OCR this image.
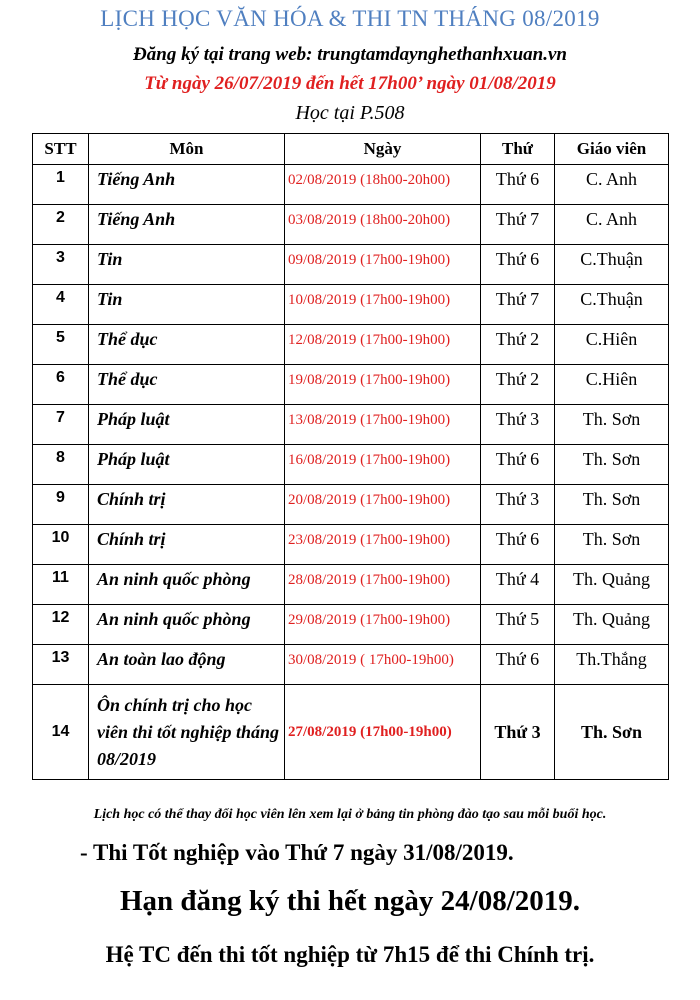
LỊCH HỌC VĂN HÓA & THI TN THÁNG 08/2019
Đăng ký tại trang web: trungtamdaynghethanhxuan.vn
Từ ngày 26/07/2019 đến hết 17h00’ ngày 01/08/2019
Học tại P.508
STT	Môn	Ngày	Thứ	Giáo viên
1	Tiếng Anh	02/08/2019 (18h00-20h00)	Thứ 6	C. Anh
2	Tiếng Anh	03/08/2019 (18h00-20h00)	Thứ 7	C. Anh
3	Tin	09/08/2019 (17h00-19h00)	Thứ 6	C.Thuận
4	Tin	10/08/2019 (17h00-19h00)	Thứ 7	C.Thuận
5	Thể dục	12/08/2019 (17h00-19h00)	Thứ 2	C.Hiên
6	Thể dục	19/08/2019 (17h00-19h00)	Thứ 2	C.Hiên
7	Pháp luật	13/08/2019 (17h00-19h00)	Thứ 3	Th. Sơn
8	Pháp luật	16/08/2019 (17h00-19h00)	Thứ 6	Th. Sơn
9	Chính trị	20/08/2019 (17h00-19h00)	Thứ 3	Th. Sơn
10	Chính trị	23/08/2019 (17h00-19h00)	Thứ 6	Th. Sơn
11	An ninh quốc phòng	28/08/2019 (17h00-19h00)	Thứ 4	Th. Quảng
12	An ninh quốc phòng	29/08/2019 (17h00-19h00)	Thứ 5	Th. Quảng
13	An toàn lao động	30/08/2019 ( 17h00-19h00)	Thứ 6	Th.Thắng
14	Ôn chính trị cho học viên thi tốt nghiệp tháng 08/2019	27/08/2019 (17h00-19h00)	Thứ 3	Th. Sơn
Lịch học có thể thay đổi học viên lên xem lại ở bảng tin phòng đào tạo sau mỗi buổi học.
- Thi Tốt nghiệp vào Thứ 7 ngày 31/08/2019.
Hạn đăng ký thi hết ngày 24/08/2019.
Hệ TC đến thi tốt nghiệp từ 7h15 để thi Chính trị.
